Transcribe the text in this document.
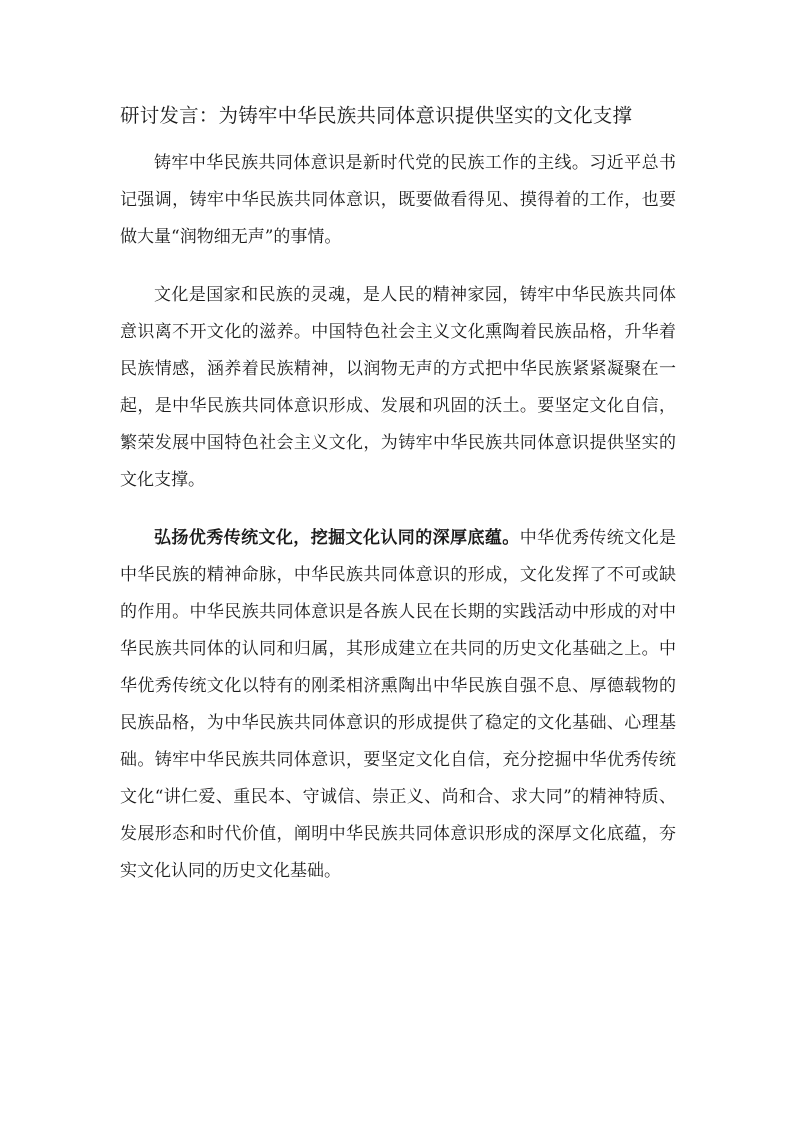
研讨发言：为铸牢中华民族共同体意识提供坚实的文化支撑

铸牢中华民族共同体意识是新时代党的民族工作的主线。习近平总书记强调，铸牢中华民族共同体意识，既要做看得见、摸得着的工作，也要做大量“润物细无声”的事情。

文化是国家和民族的灵魂，是人民的精神家园，铸牢中华民族共同体意识离不开文化的滋养。中国特色社会主义文化熏陶着民族品格，升华着民族情感，涵养着民族精神，以润物无声的方式把中华民族紧紧凝聚在一起，是中华民族共同体意识形成、发展和巩固的沃土。要坚定文化自信，繁荣发展中国特色社会主义文化，为铸牢中华民族共同体意识提供坚实的文化支撑。

弘扬优秀传统文化，挖掘文化认同的深厚底蕴。中华优秀传统文化是中华民族的精神命脉，中华民族共同体意识的形成，文化发挥了不可或缺的作用。中华民族共同体意识是各族人民在长期的实践活动中形成的对中华民族共同体的认同和归属，其形成建立在共同的历史文化基础之上。中华优秀传统文化以特有的刚柔相济熏陶出中华民族自强不息、厚德载物的民族品格，为中华民族共同体意识的形成提供了稳定的文化基础、心理基础。铸牢中华民族共同体意识，要坚定文化自信，充分挖掘中华优秀传统文化“讲仁爱、重民本、守诚信、崇正义、尚和合、求大同”的精神特质、发展形态和时代价值，阐明中华民族共同体意识形成的深厚文化底蕴，夯实文化认同的历史文化基础。
